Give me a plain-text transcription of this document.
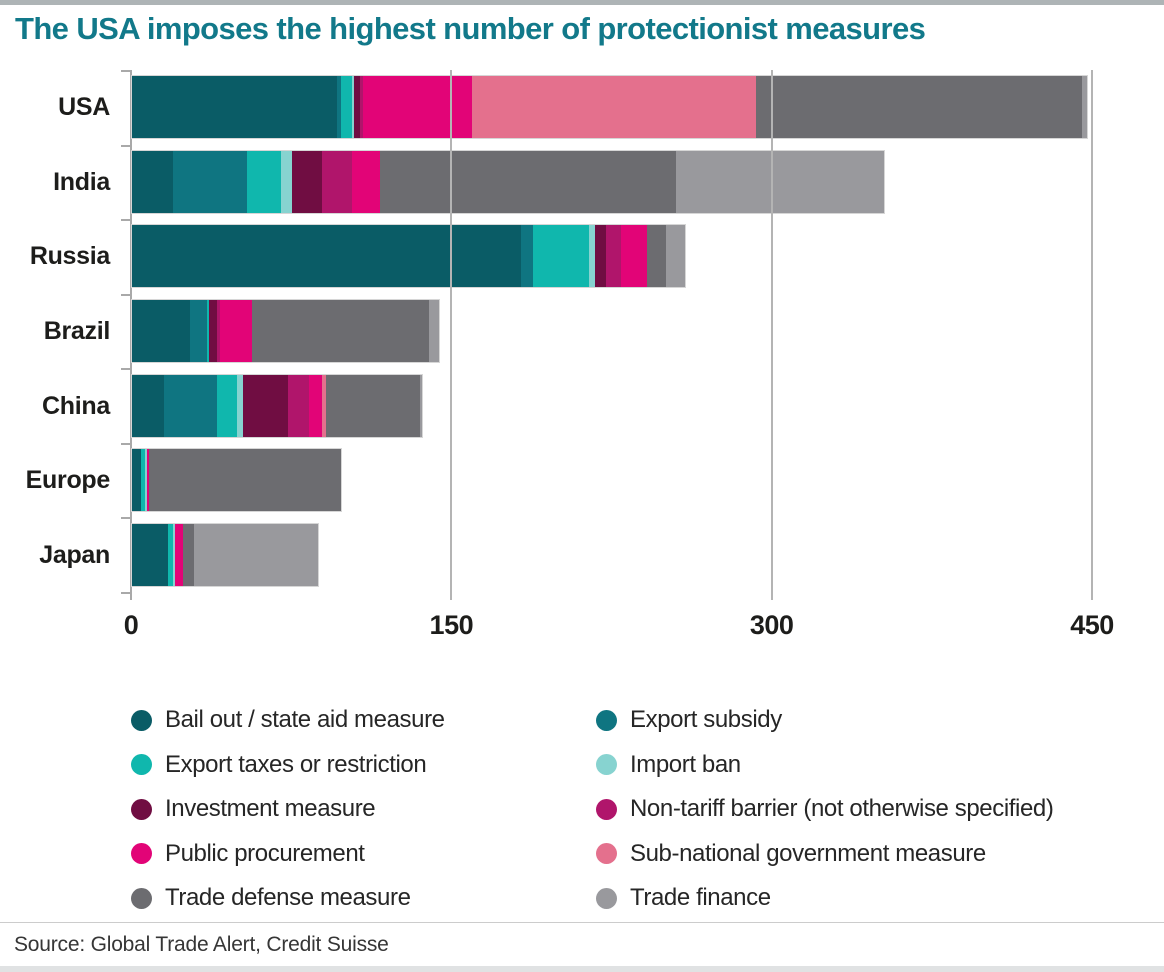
The USA imposes the highest number of protectionist measures
0	150	300	450
USA
India
Russia
Brazil
China
Europe
Japan
Bail out / state aid measure
Export taxes or restriction
Investment measure
Public procurement
Trade defense measure
Export subsidy
Import ban
Non-tariff barrier (not otherwise specified)
Sub-national government measure
Trade finance
Source: Global Trade Alert, Credit Suisse
